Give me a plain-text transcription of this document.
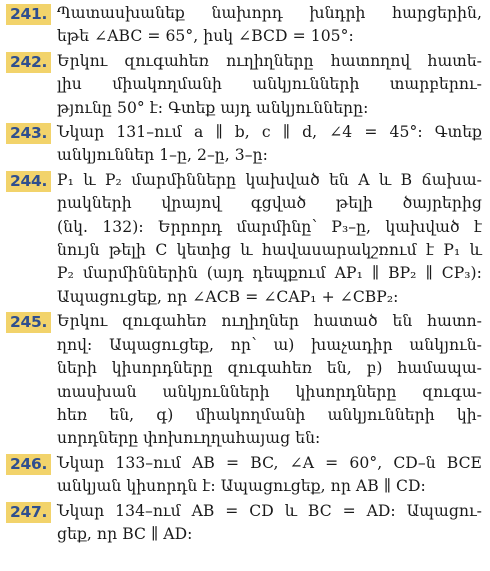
241. Պատասխանեք նախորդ խնդրի հարցերին,
եթե ∠ABC = 65°, իսկ ∠BCD = 105°:
242. Երկու զուգահեռ ուղիղները հատողով հատե-
լիս միակողմանի անկյունների տարբերու-
թյունը 50° է: Գտեք այդ անկյունները:
243. Նկար 131–ում a ∥ b, c ∥ d, ∠4 = 45°: Գտեք
անկյուններ 1–ը, 2–ը, 3–ը:
244. P₁ և P₂ մարմինները կախված են A և B ճախա-
րակների վրայով գցված թելի ծայրերից
(նկ. 132): Երրորդ մարմինը՝ P₃–ը, կախված է
նույն թելի C կետից և հավասարակշռում է P₁ և
P₂ մարմիններին (այդ դեպքում AP₁ ∥ BP₂ ∥ CP₃):
Ապացուցեք, որ ∠ACB = ∠CAP₁ + ∠CBP₂:
245. Երկու զուգահեռ ուղիղներ հատած են հատո-
ղով: Ապացուցեք, որ՝ ա) խաչադիր անկյուն-
ների կիսորդները զուգահեռ են, բ) համապա-
տասխան անկյունների կիսորդները զուգա-
հեռ են, գ) միակողմանի անկյունների կի-
սորդները փոխուղղահայաց են:
246. Նկար 133–ում AB = BC, ∠A = 60°, CD–ն BCE
անկյան կիսորդն է: Ապացուցեք, որ AB ∥ CD:
247. Նկար 134–ում AB = CD և BC = AD: Ապացու-
ցեք, որ BC ∥ AD:
